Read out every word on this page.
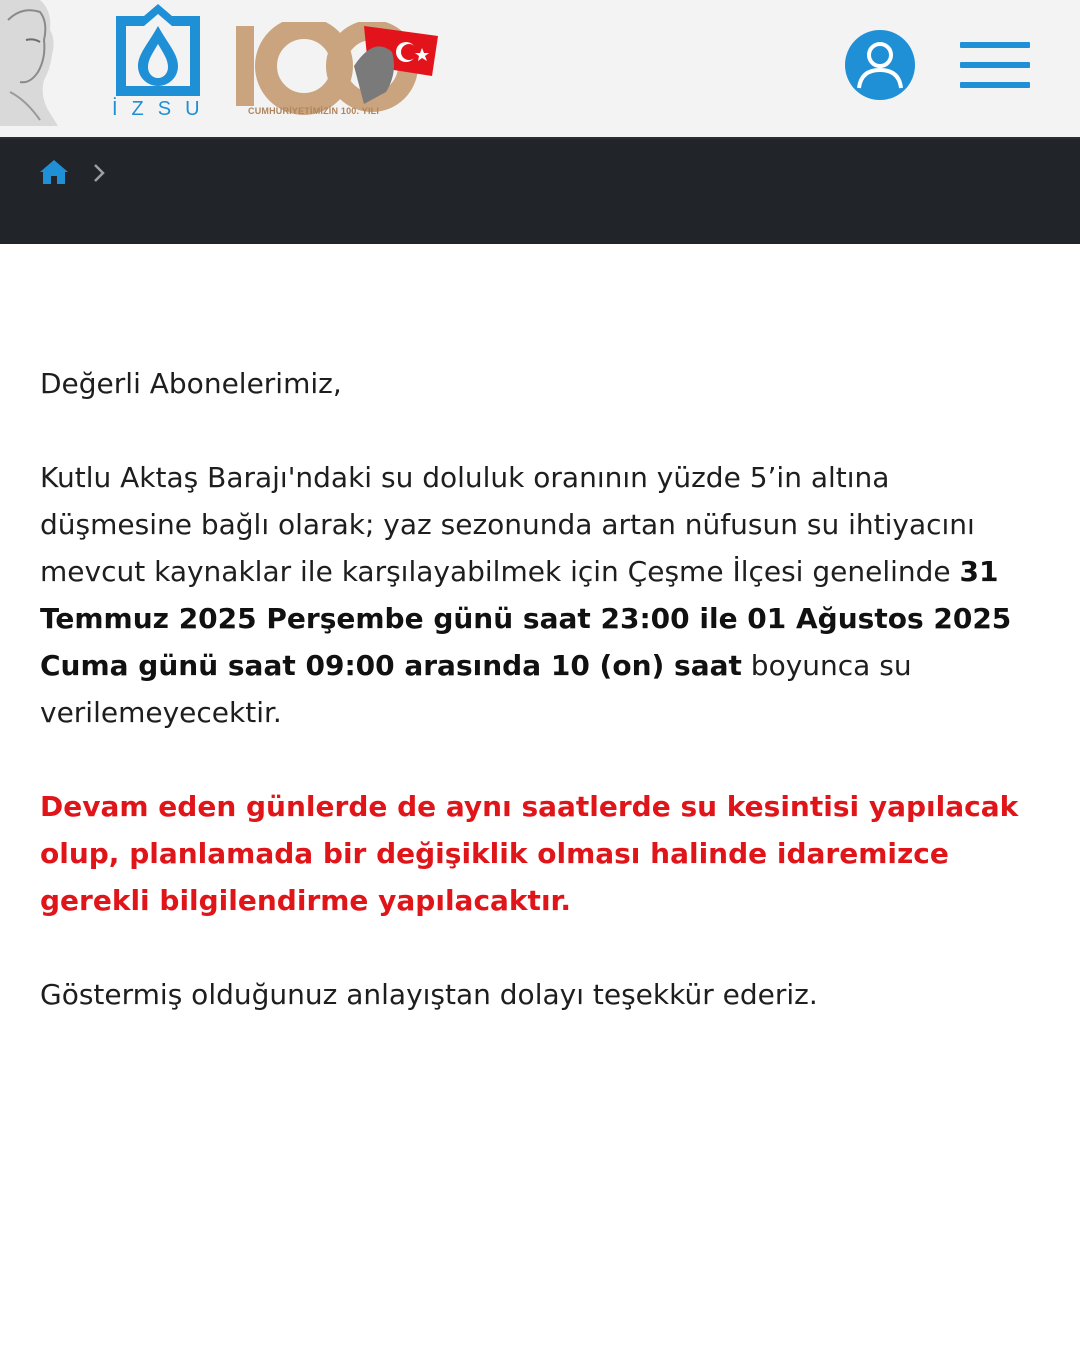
İZSU	CUMHURİYETİMİZİN 100. YILI

Değerli Abonelerimiz,

Kutlu Aktaş Barajı'ndaki su doluluk oranının yüzde 5’in altına düşmesine bağlı olarak; yaz sezonunda artan nüfusun su ihtiyacını mevcut kaynaklar ile karşılayabilmek için Çeşme İlçesi genelinde 31 Temmuz 2025 Perşembe günü saat 23:00 ile 01 Ağustos 2025 Cuma günü saat 09:00 arasında 10 (on) saat boyunca su verilemeyecektir.

Devam eden günlerde de aynı saatlerde su kesintisi yapılacak olup, planlamada bir değişiklik olması halinde idaremizce gerekli bilgilendirme yapılacaktır.

Göstermiş olduğunuz anlayıştan dolayı teşekkür ederiz.
